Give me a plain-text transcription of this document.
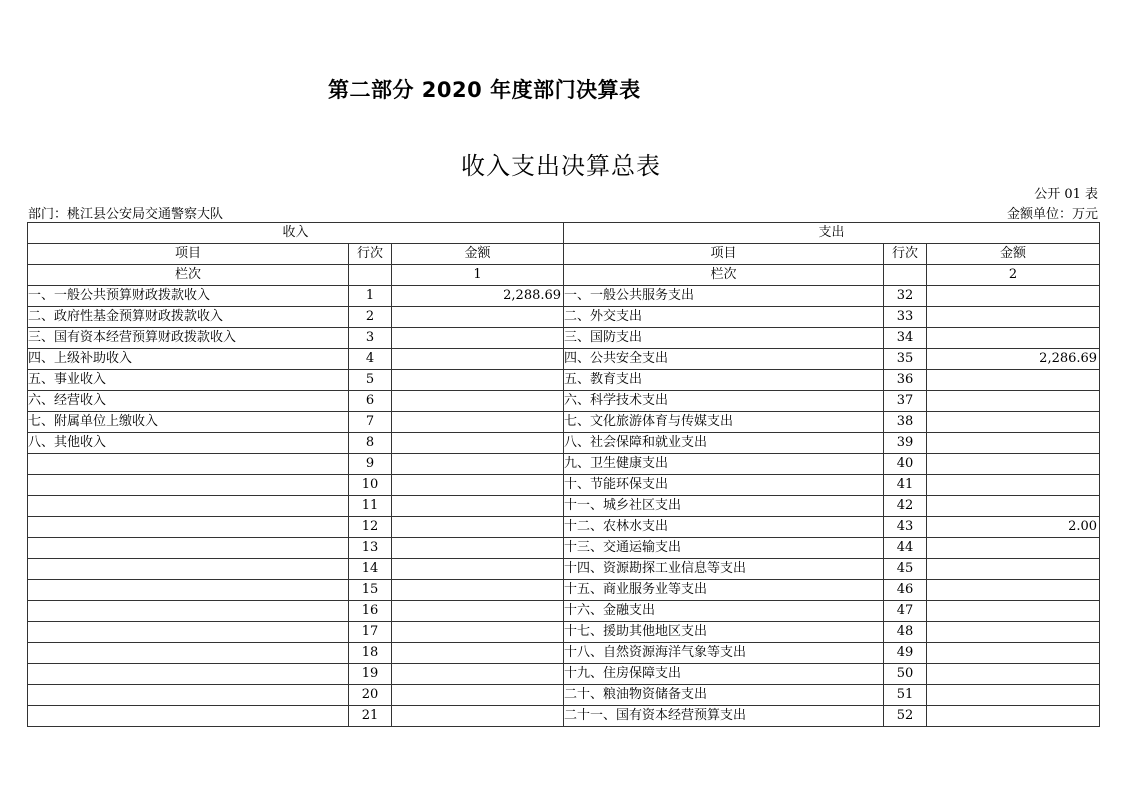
第二部分 2020 年度部门决算表
收入支出决算总表
公开 01 表
部门：桃江县公安局交通警察大队	金额单位：万元
收入			支出		
项目	行次	金额	项目	行次	金额
栏次		1	栏次		2
一、一般公共预算财政拨款收入	1	2,288.69	一、一般公共服务支出	32	
二、政府性基金预算财政拨款收入	2		二、外交支出	33	
三、国有资本经营预算财政拨款收入	3		三、国防支出	34	
四、上级补助收入	4		四、公共安全支出	35	2,286.69
五、事业收入	5		五、教育支出	36	
六、经营收入	6		六、科学技术支出	37	
七、附属单位上缴收入	7		七、文化旅游体育与传媒支出	38	
八、其他收入	8		八、社会保障和就业支出	39	
	9		九、卫生健康支出	40	
	10		十、节能环保支出	41	
	11		十一、城乡社区支出	42	
	12		十二、农林水支出	43	2.00
	13		十三、交通运输支出	44	
	14		十四、资源勘探工业信息等支出	45	
	15		十五、商业服务业等支出	46	
	16		十六、金融支出	47	
	17		十七、援助其他地区支出	48	
	18		十八、自然资源海洋气象等支出	49	
	19		十九、住房保障支出	50	
	20		二十、粮油物资储备支出	51	
	21		二十一、国有资本经营预算支出	52	
